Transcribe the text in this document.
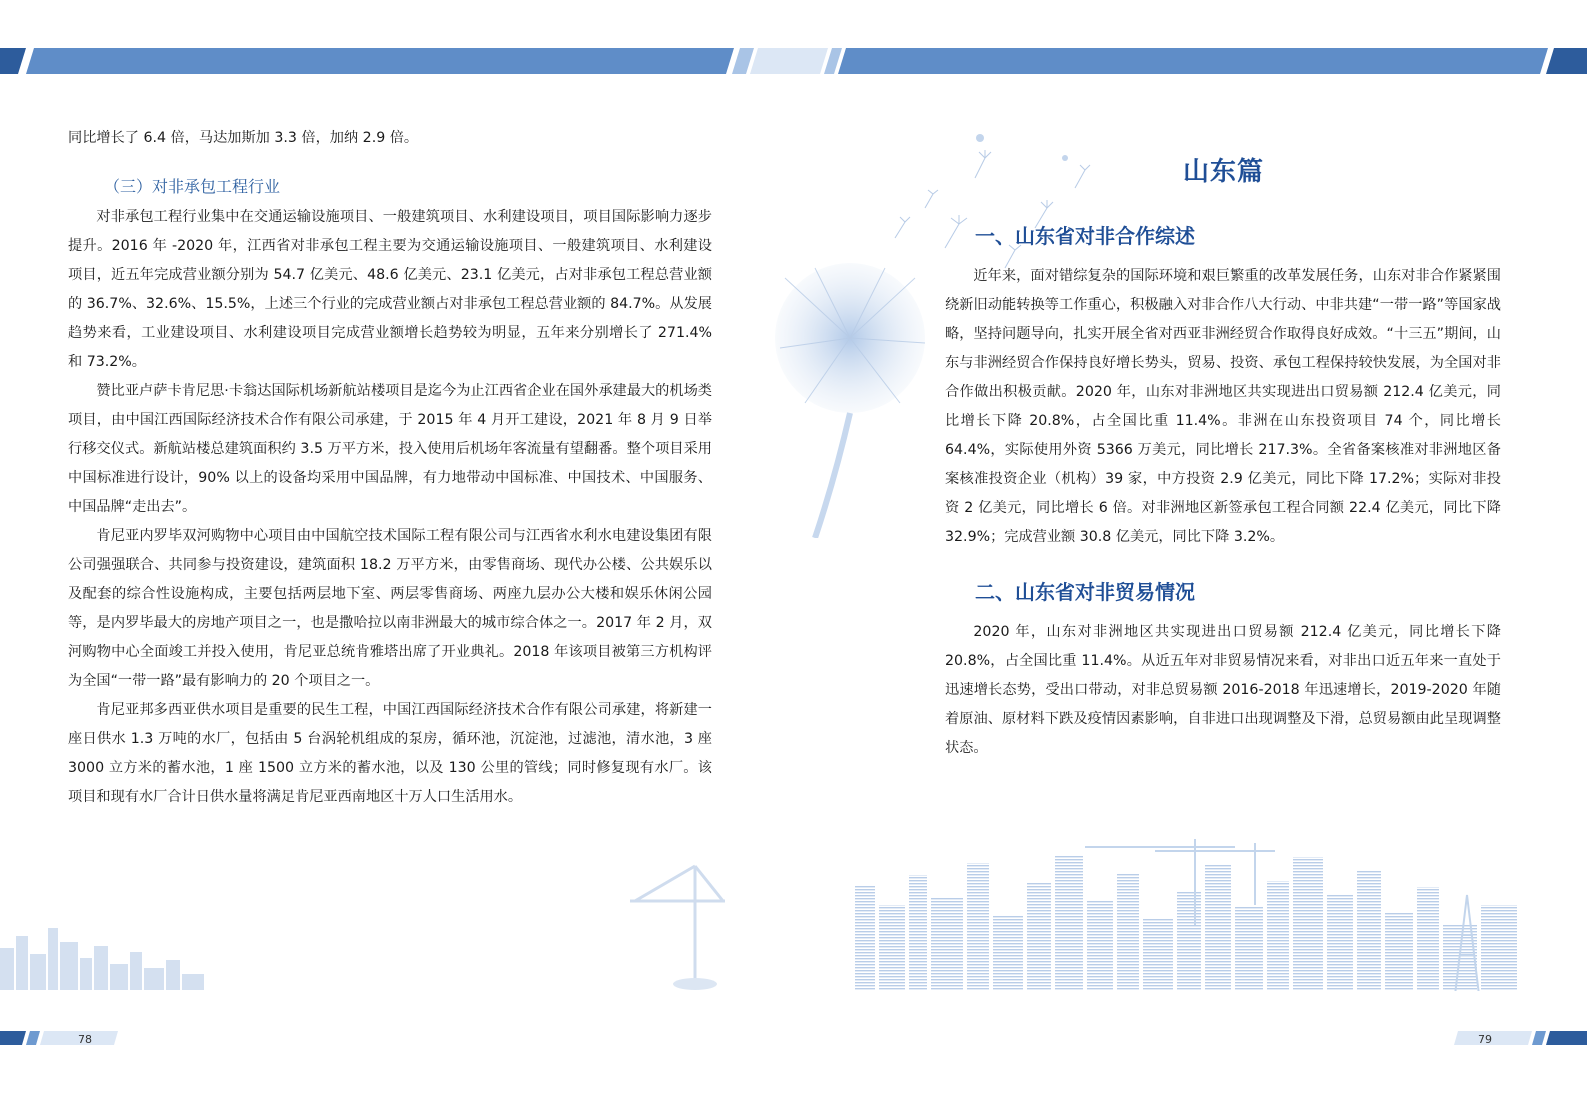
同比增长了 6.4 倍，马达加斯加 3.3 倍，加纳 2.9 倍。

（三）对非承包工程行业

对非承包工程行业集中在交通运输设施项目、一般建筑项目、水利建设项目，项目国际影响力逐步提升。2016 年 -2020 年，江西省对非承包工程主要为交通运输设施项目、一般建筑项目、水利建设项目，近五年完成营业额分别为 54.7 亿美元、48.6 亿美元、23.1 亿美元，占对非承包工程总营业额的 36.7%、32.6%、15.5%，上述三个行业的完成营业额占对非承包工程总营业额的 84.7%。从发展趋势来看，工业建设项目、水利建设项目完成营业额增长趋势较为明显，五年来分别增长了 271.4% 和 73.2%。

赞比亚卢萨卡肯尼思·卡翁达国际机场新航站楼项目是迄今为止江西省企业在国外承建最大的机场类项目，由中国江西国际经济技术合作有限公司承建，于 2015 年 4 月开工建设，2021 年 8 月 9 日举行移交仪式。新航站楼总建筑面积约 3.5 万平方米，投入使用后机场年客流量有望翻番。整个项目采用中国标准进行设计，90% 以上的设备均采用中国品牌，有力地带动中国标准、中国技术、中国服务、中国品牌“走出去”。

肯尼亚内罗毕双河购物中心项目由中国航空技术国际工程有限公司与江西省水利水电建设集团有限公司强强联合、共同参与投资建设，建筑面积 18.2 万平方米，由零售商场、现代办公楼、公共娱乐以及配套的综合性设施构成，主要包括两层地下室、两层零售商场、两座九层办公大楼和娱乐休闲公园等，是内罗毕最大的房地产项目之一，也是撒哈拉以南非洲最大的城市综合体之一。2017 年 2 月，双河购物中心全面竣工并投入使用，肯尼亚总统肯雅塔出席了开业典礼。2018 年该项目被第三方机构评为全国“一带一路”最有影响力的 20 个项目之一。

肯尼亚邦多西亚供水项目是重要的民生工程，中国江西国际经济技术合作有限公司承建，将新建一座日供水 1.3 万吨的水厂，包括由 5 台涡轮机组成的泵房，循环池，沉淀池，过滤池，清水池，3 座 3000 立方米的蓄水池，1 座 1500 立方米的蓄水池，以及 130 公里的管线；同时修复现有水厂。该项目和现有水厂合计日供水量将满足肯尼亚西南地区十万人口生活用水。

山东篇
一、山东省对非合作综述

近年来，面对错综复杂的国际环境和艰巨繁重的改革发展任务，山东对非合作紧紧围绕新旧动能转换等工作重心，积极融入对非合作八大行动、中非共建“一带一路”等国家战略，坚持问题导向，扎实开展全省对西亚非洲经贸合作取得良好成效。“十三五”期间，山东与非洲经贸合作保持良好增长势头，贸易、投资、承包工程保持较快发展，为全国对非合作做出积极贡献。2020 年，山东对非洲地区共实现进出口贸易额 212.4 亿美元，同比增长下降 20.8%，占全国比重 11.4%。非洲在山东投资项目 74 个，同比增长 64.4%，实际使用外资 5366 万美元，同比增长 217.3%。全省备案核准对非洲地区备案核准投资企业（机构）39 家，中方投资 2.9 亿美元，同比下降 17.2%；实际对非投资 2 亿美元，同比增长 6 倍。对非洲地区新签承包工程合同额 22.4 亿美元，同比下降 32.9%；完成营业额 30.8 亿美元，同比下降 3.2%。

二、山东省对非贸易情况

2020 年，山东对非洲地区共实现进出口贸易额 212.4 亿美元，同比增长下降 20.8%，占全国比重 11.4%。从近五年对非贸易情况来看，对非出口近五年来一直处于迅速增长态势，受出口带动，对非总贸易额 2016-2018 年迅速增长，2019-2020 年随着原油、原材料下跌及疫情因素影响，自非进口出现调整及下滑，总贸易额由此呈现调整状态。

78	79
